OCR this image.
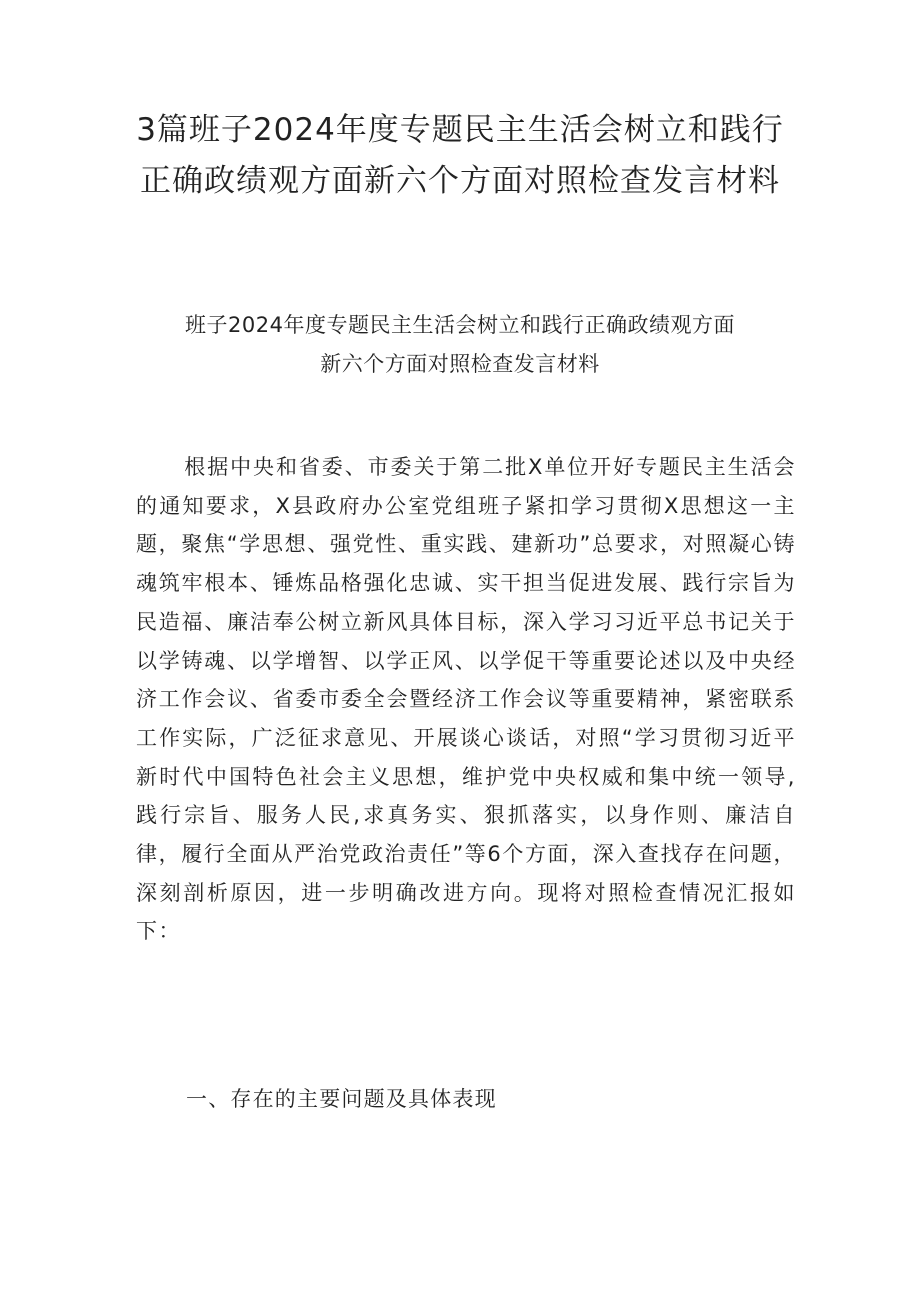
3篇班子2024年度专题民主生活会树立和践行正确政绩观方面新六个方面对照检查发言材料
班子2024年度专题民主生活会树立和践行正确政绩观方面
新六个方面对照检查发言材料

根据中央和省委、市委关于第二批X单位开好专题民主生活会的通知要求，X县政府办公室党组班子紧扣学习贯彻X思想这一主题，聚焦“学思想、强党性、重实践、建新功”总要求，对照凝心铸魂筑牢根本、锤炼品格强化忠诚、实干担当促进发展、践行宗旨为民造福、廉洁奉公树立新风具体目标，深入学习习近平总书记关于以学铸魂、以学增智、以学正风、以学促干等重要论述以及中央经济工作会议、省委市委全会暨经济工作会议等重要精神，紧密联系工作实际，广泛征求意见、开展谈心谈话，对照“学习贯彻习近平新时代中国特色社会主义思想，维护党中央权威和集中统一领导,践行宗旨、服务人民,求真务实、狠抓落实，以身作则、廉洁自律，履行全面从严治党政治责任”等6个方面，深入查找存在问题，深刻剖析原因，进一步明确改进方向。现将对照检查情况汇报如下：

一、存在的主要问题及具体表现
